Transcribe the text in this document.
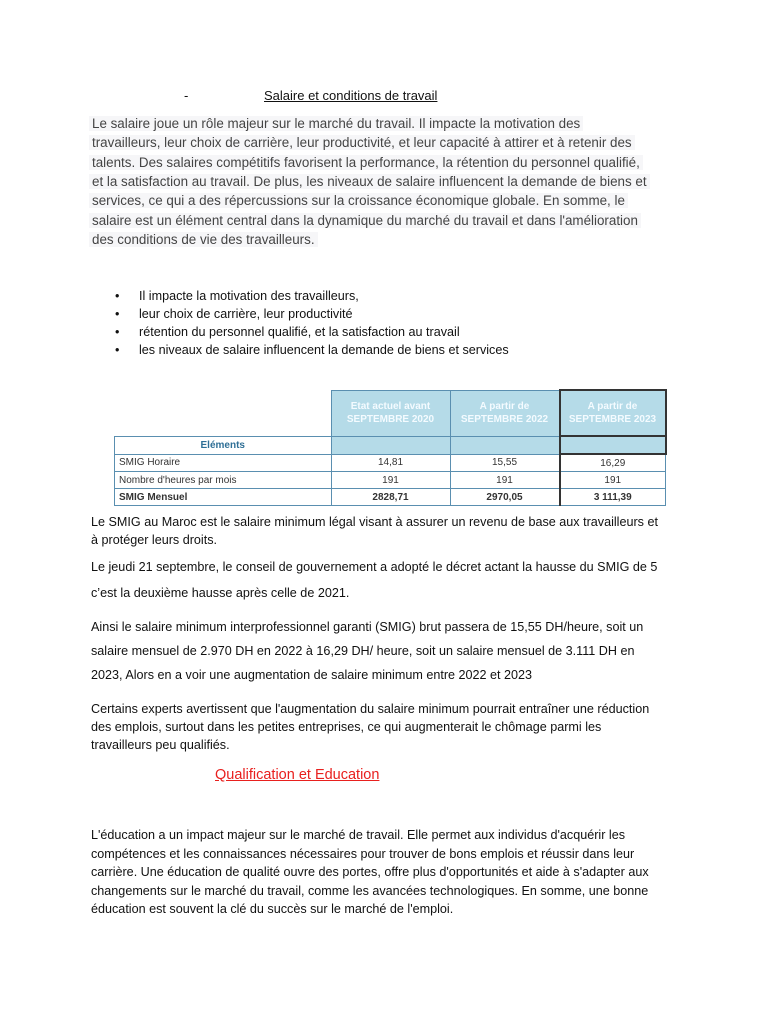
-	Salaire et conditions de travail
Le salaire joue un rôle majeur sur le marché du travail. Il impacte la motivation des
travailleurs, leur choix de carrière, leur productivité, et leur capacité à attirer et à retenir des
talents. Des salaires compétitifs favorisent la performance, la rétention du personnel qualifié,
et la satisfaction au travail. De plus, les niveaux de salaire influencent la demande de biens et
services, ce qui a des répercussions sur la croissance économique globale. En somme, le
salaire est un élément central dans la dynamique du marché du travail et dans l'amélioration
des conditions de vie des travailleurs.
• Il impacte la motivation des travailleurs,
• leur choix de carrière, leur productivité
• rétention du personnel qualifié, et la satisfaction au travail
• les niveaux de salaire influencent la demande de biens et services
	Etat actuel avant
SEPTEMBRE 2020	A partir de
SEPTEMBRE 2022	A partir de
SEPTEMBRE 2023
Eléments			
SMIG Horaire	14,81	15,55	16,29
Nombre d'heures par mois	191	191	191
SMIG Mensuel	2828,71	2970,05	3 111,39
Le SMIG au Maroc est le salaire minimum légal visant à assurer un revenu de base aux travailleurs et
à protéger leurs droits.
Le jeudi 21 septembre, le conseil de gouvernement a adopté le décret actant la hausse du SMIG de 5
c’est la deuxième hausse après celle de 2021.
Ainsi le salaire minimum interprofessionnel garanti (SMIG) brut passera de 15,55 DH/heure, soit un
salaire mensuel de 2.970 DH en 2022 à 16,29 DH/ heure, soit un salaire mensuel de 3.111 DH en
2023, Alors en a voir une augmentation de salaire minimum entre 2022 et 2023
Certains experts avertissent que l'augmentation du salaire minimum pourrait entraîner une réduction
des emplois, surtout dans les petites entreprises, ce qui augmenterait le chômage parmi les
travailleurs peu qualifiés.
L'éducation a un impact majeur sur le marché de travail. Elle permet aux individus d'acquérir les
compétences et les connaissances nécessaires pour trouver de bons emplois et réussir dans leur
carrière. Une éducation de qualité ouvre des portes, offre plus d'opportunités et aide à s'adapter aux
changements sur le marché du travail, comme les avancées technologiques. En somme, une bonne
éducation est souvent la clé du succès sur le marché de l'emploi.
Qualification et Education
